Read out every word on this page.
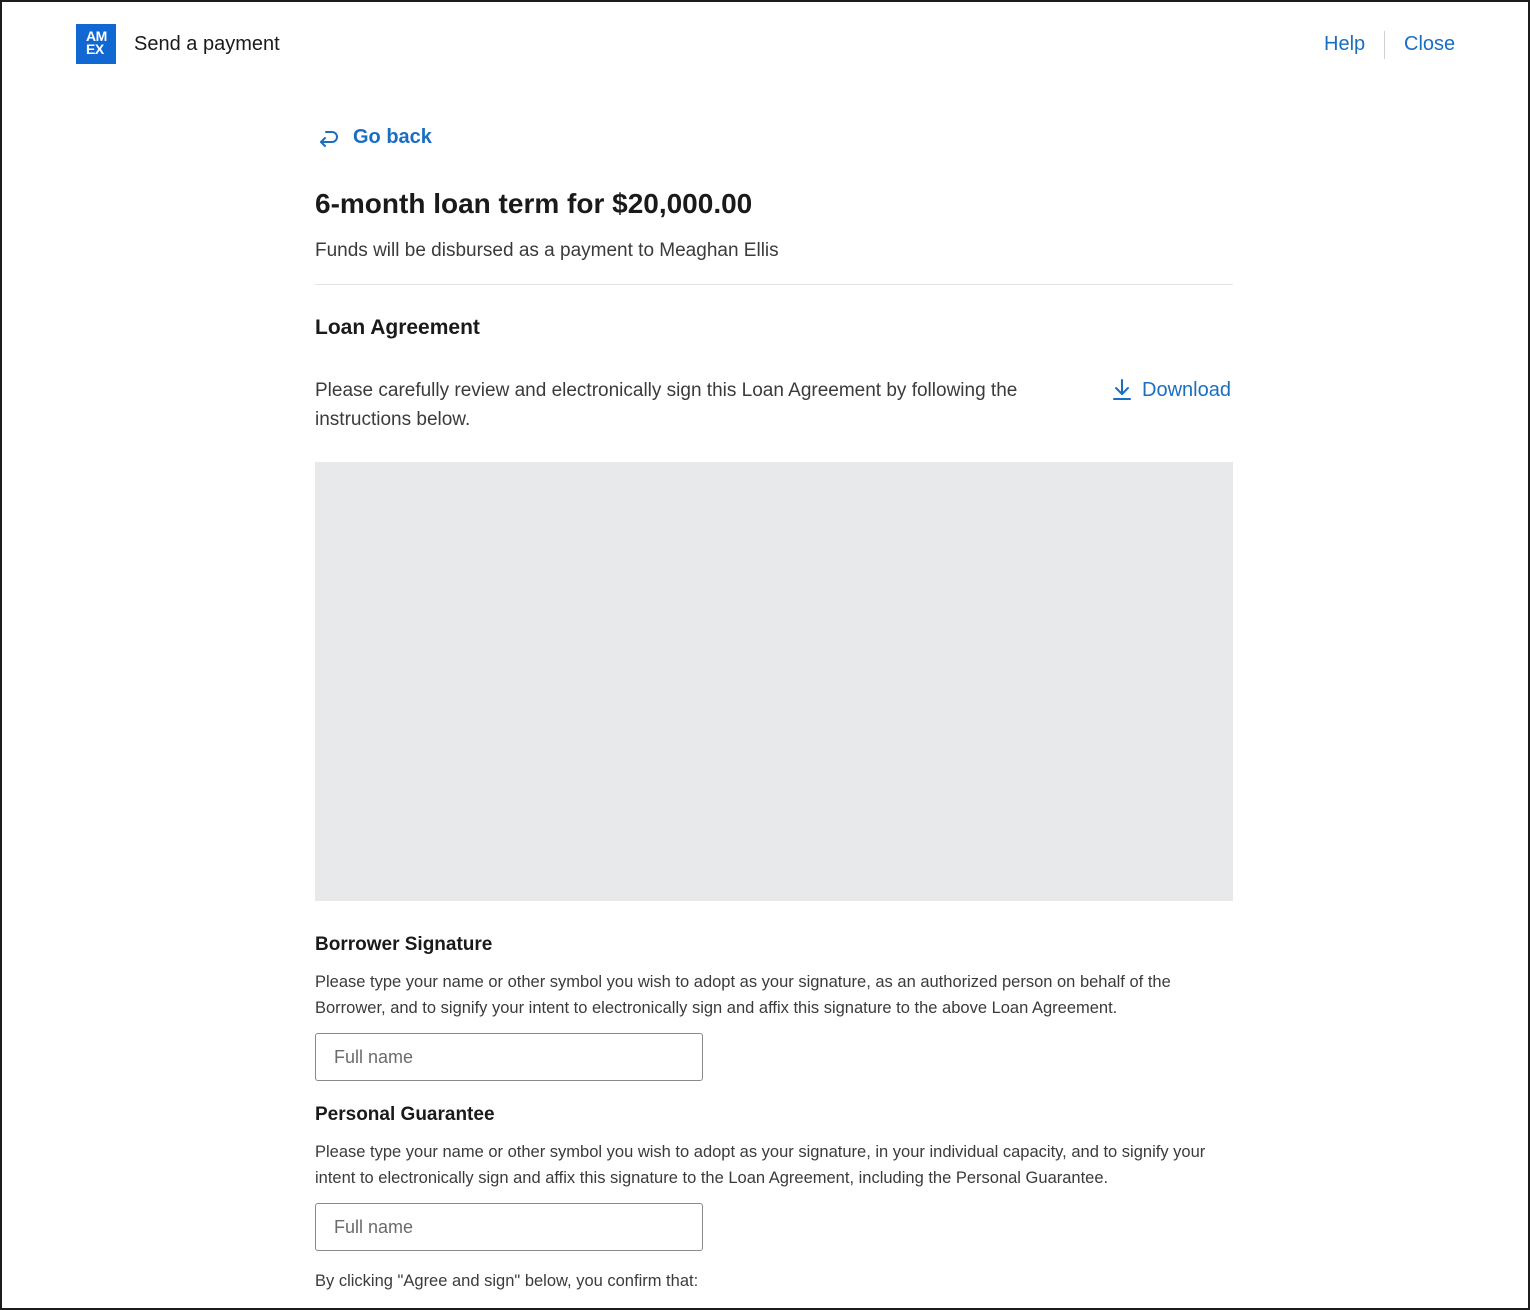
AM
EX	Send a payment	Help Close
Go back
6-month loan term for $20,000.00
Funds will be disbursed as a payment to Meaghan Ellis
Loan Agreement
Please carefully review and electronically sign this Loan Agreement by following the instructions below.
Download
Borrower Signature
Please type your name or other symbol you wish to adopt as your signature, as an authorized person on behalf of the Borrower, and to signify your intent to electronically sign and affix this signature to the above Loan Agreement.
Full name
Personal Guarantee
Please type your name or other symbol you wish to adopt as your signature, in your individual capacity, and to signify your intent to electronically sign and affix this signature to the Loan Agreement, including the Personal Guarantee.
Full name
By clicking "Agree and sign" below, you confirm that:
